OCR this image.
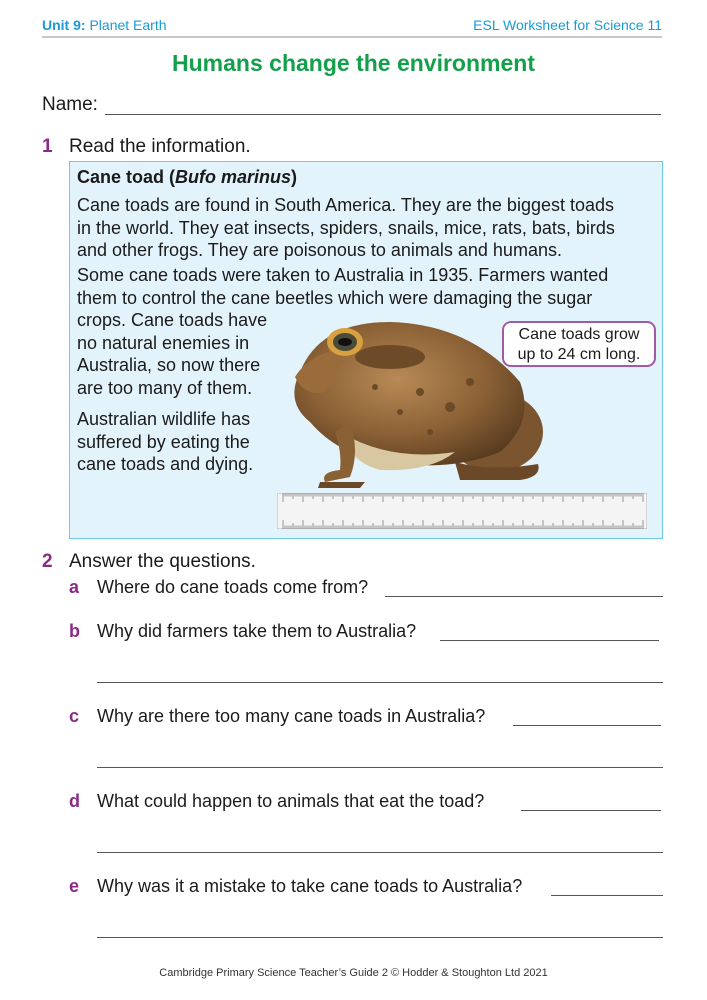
Unit 9: Planet Earth	ESL Worksheet for Science 11
Humans change the environment
Name:
1 Read the information.
Cane toad (Bufo marinus)
Cane toads are found in South America. They are the biggest toads
in the world. They eat insects, spiders, snails, mice, rats, bats, birds
and other frogs. They are poisonous to animals and humans.
Some cane toads were taken to Australia in 1935. Farmers wanted
them to control the cane beetles which were damaging the sugar
crops. Cane toads have
no natural enemies in
Australia, so now there
are too many of them.
Australian wildlife has
suffered by eating the
cane toads and dying.
Cane toads grow
up to 24 cm long.
2 Answer the questions.
a Where do cane toads come from?
b Why did farmers take them to Australia?
c Why are there too many cane toads in Australia?
d What could happen to animals that eat the toad?
e Why was it a mistake to take cane toads to Australia?
Cambridge Primary Science Teacher’s Guide 2 © Hodder & Stoughton Ltd 2021
